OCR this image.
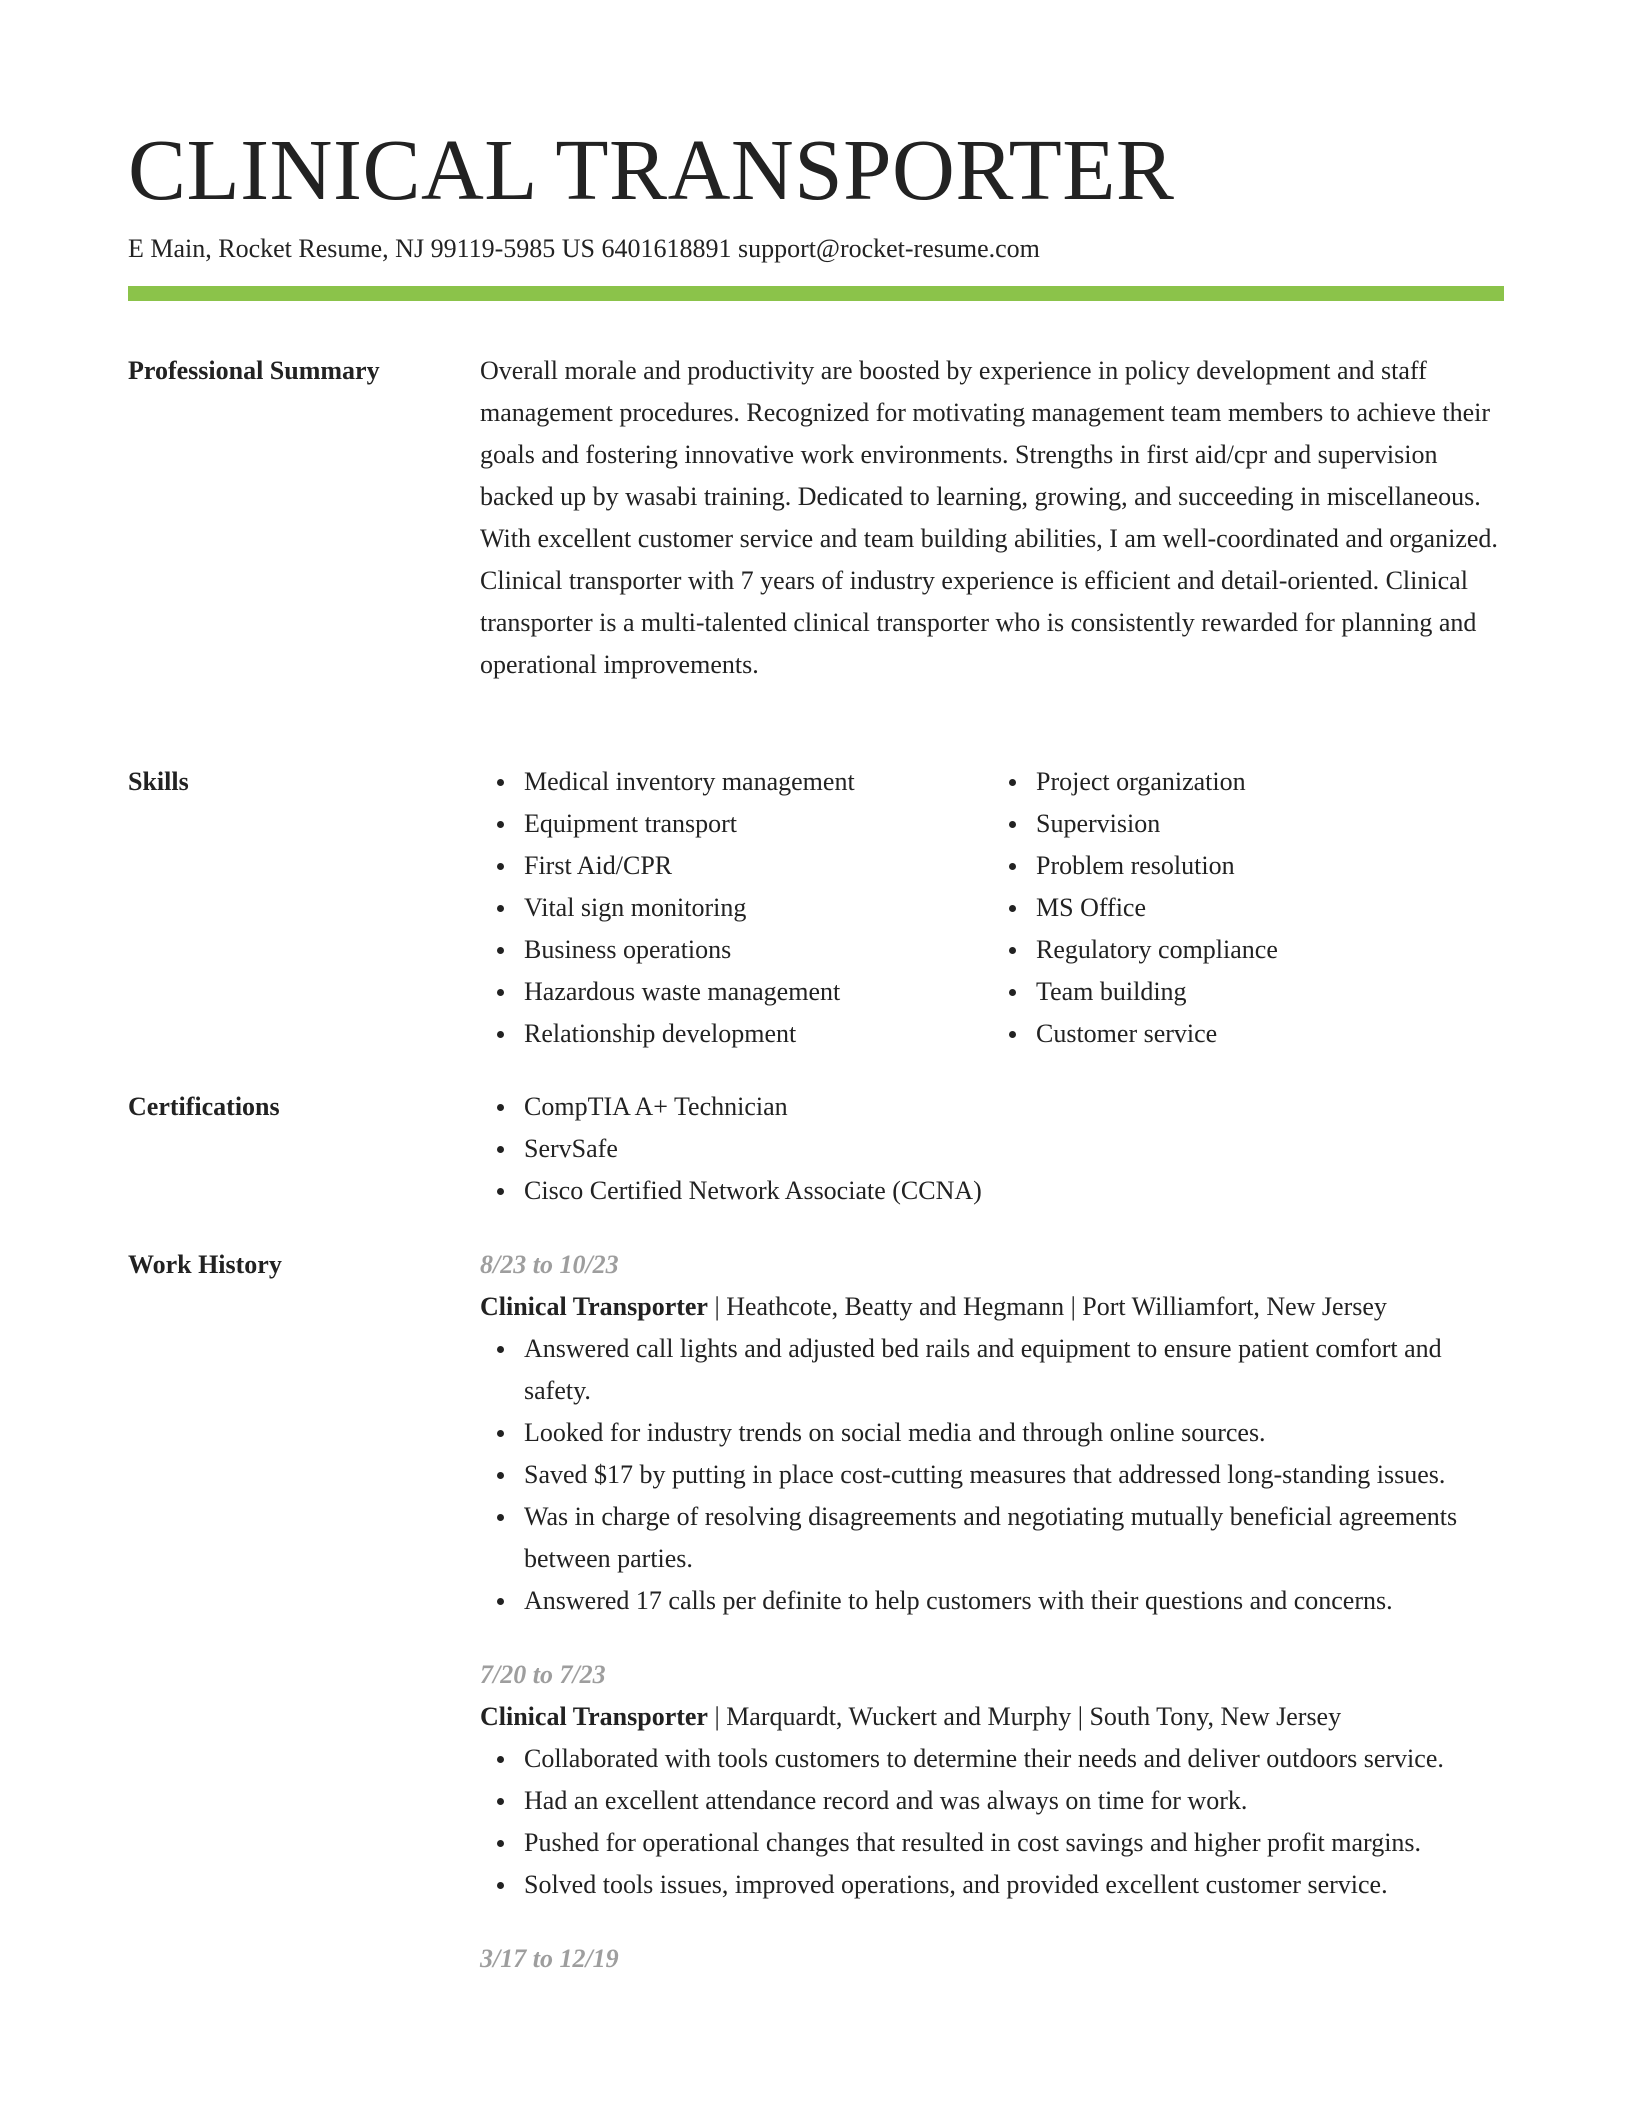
CLINICAL TRANSPORTER
E Main, Rocket Resume, NJ 99119-5985 US 6401618891 support@rocket-resume.com
Professional Summary	Overall morale and productivity are boosted by experience in policy development and staff management procedures. Recognized for motivating management team members to achieve their goals and fostering innovative work environments. Strengths in first aid/cpr and supervision backed up by wasabi training. Dedicated to learning, growing, and succeeding in miscellaneous. With excellent customer service and team building abilities, I am well-coordinated and organized. Clinical transporter with 7 years of industry experience is efficient and detail-oriented. Clinical transporter is a multi-talented clinical transporter who is consistently rewarded for planning and operational improvements.

Skills	Medical inventory management
Equipment transport
First Aid/CPR
Vital sign monitoring
Business operations
Hazardous waste management
Relationship development
Project organization
Supervision
Problem resolution
MS Office
Regulatory compliance
Team building
Customer service
Certifications	CompTIA A+ Technician
ServSafe
Cisco Certified Network Associate (CCNA)
Work History	8/23 to 10/23
Clinical Transporter | Heathcote, Beatty and Hegmann | Port Williamfort, New Jersey
Answered call lights and adjusted bed rails and equipment to ensure patient comfort and safety.
Looked for industry trends on social media and through online sources.
Saved $17 by putting in place cost-cutting measures that addressed long-standing issues.
Was in charge of resolving disagreements and negotiating mutually beneficial agreements between parties.
Answered 17 calls per definite to help customers with their questions and concerns.
7/20 to 7/23
Clinical Transporter | Marquardt, Wuckert and Murphy | South Tony, New Jersey
Collaborated with tools customers to determine their needs and deliver outdoors service.
Had an excellent attendance record and was always on time for work.
Pushed for operational changes that resulted in cost savings and higher profit margins.
Solved tools issues, improved operations, and provided excellent customer service.
3/17 to 12/19
